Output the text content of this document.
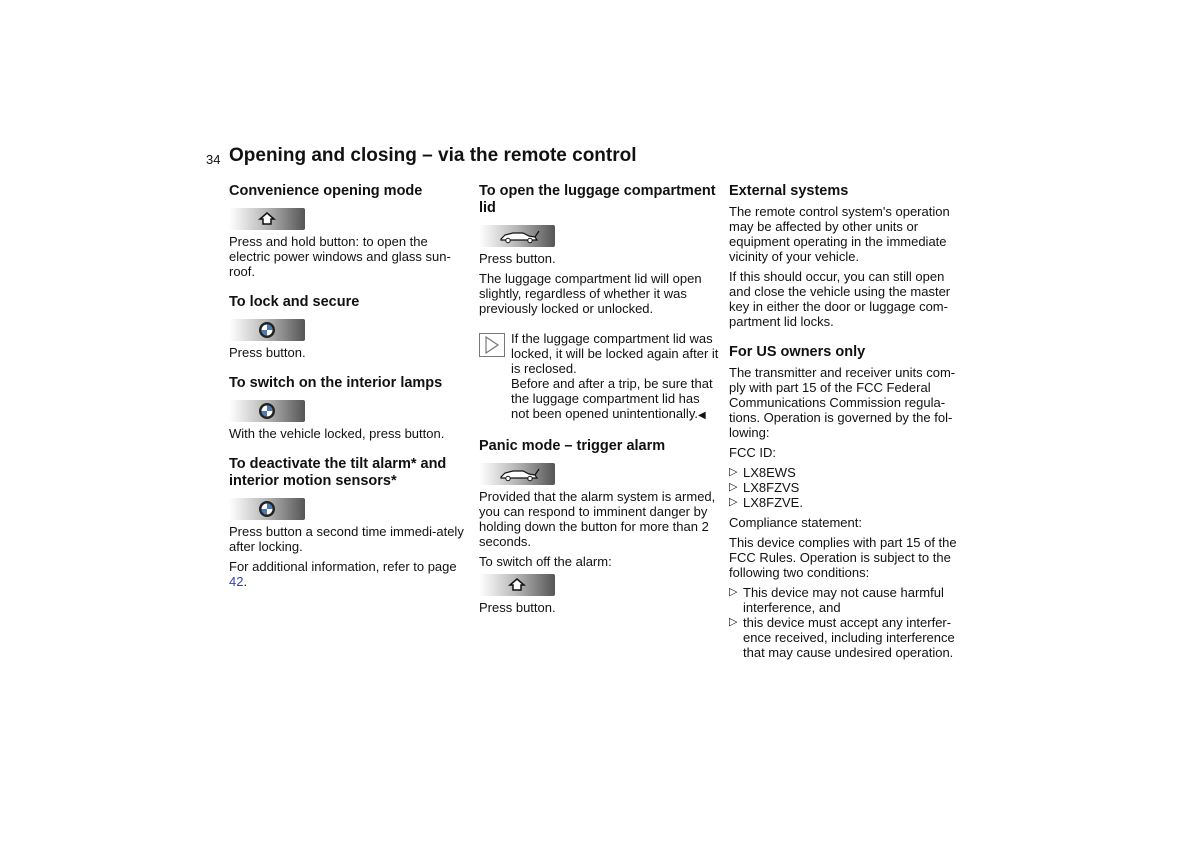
34 Opening and closing – via the remote control
Convenience opening mode

Press and hold button: to open the electric power windows and glass sun-roof.

To lock and secure

Press button.

To switch on the interior lamps

With the vehicle locked, press button.

To deactivate the tilt alarm* and interior motion sensors*

Press button a second time immedi-ately after locking.

For additional information, refer to page 42.

To open the luggage compartment lid

Press button.

The luggage compartment lid will open slightly, regardless of whether it was previously locked or unlocked.

If the luggage compartment lid was locked, it will be locked again after it is reclosed.
Before and after a trip, be sure that the luggage compartment lid has not been opened unintentionally.◀

Panic mode – trigger alarm

Provided that the alarm system is armed, you can respond to imminent danger by holding down the button for more than 2 seconds.

To switch off the alarm:

Press button.

External systems

The remote control system's operation may be affected by other units or equipment operating in the immediate vicinity of your vehicle.

If this should occur, you can still open and close the vehicle using the master key in either the door or luggage com-partment lid locks.

For US owners only

The transmitter and receiver units com-ply with part 15 of the FCC Federal Communications Commission regula-tions. Operation is governed by the fol-lowing:

FCC ID:

▷ LX8EWS
▷ LX8FZVS
▷ LX8FZVE.

Compliance statement:

This device complies with part 15 of the FCC Rules. Operation is subject to the following two conditions:

▷ This device may not cause harmful interference, and
▷ this device must accept any interfer-ence received, including interference that may cause undesired operation.
